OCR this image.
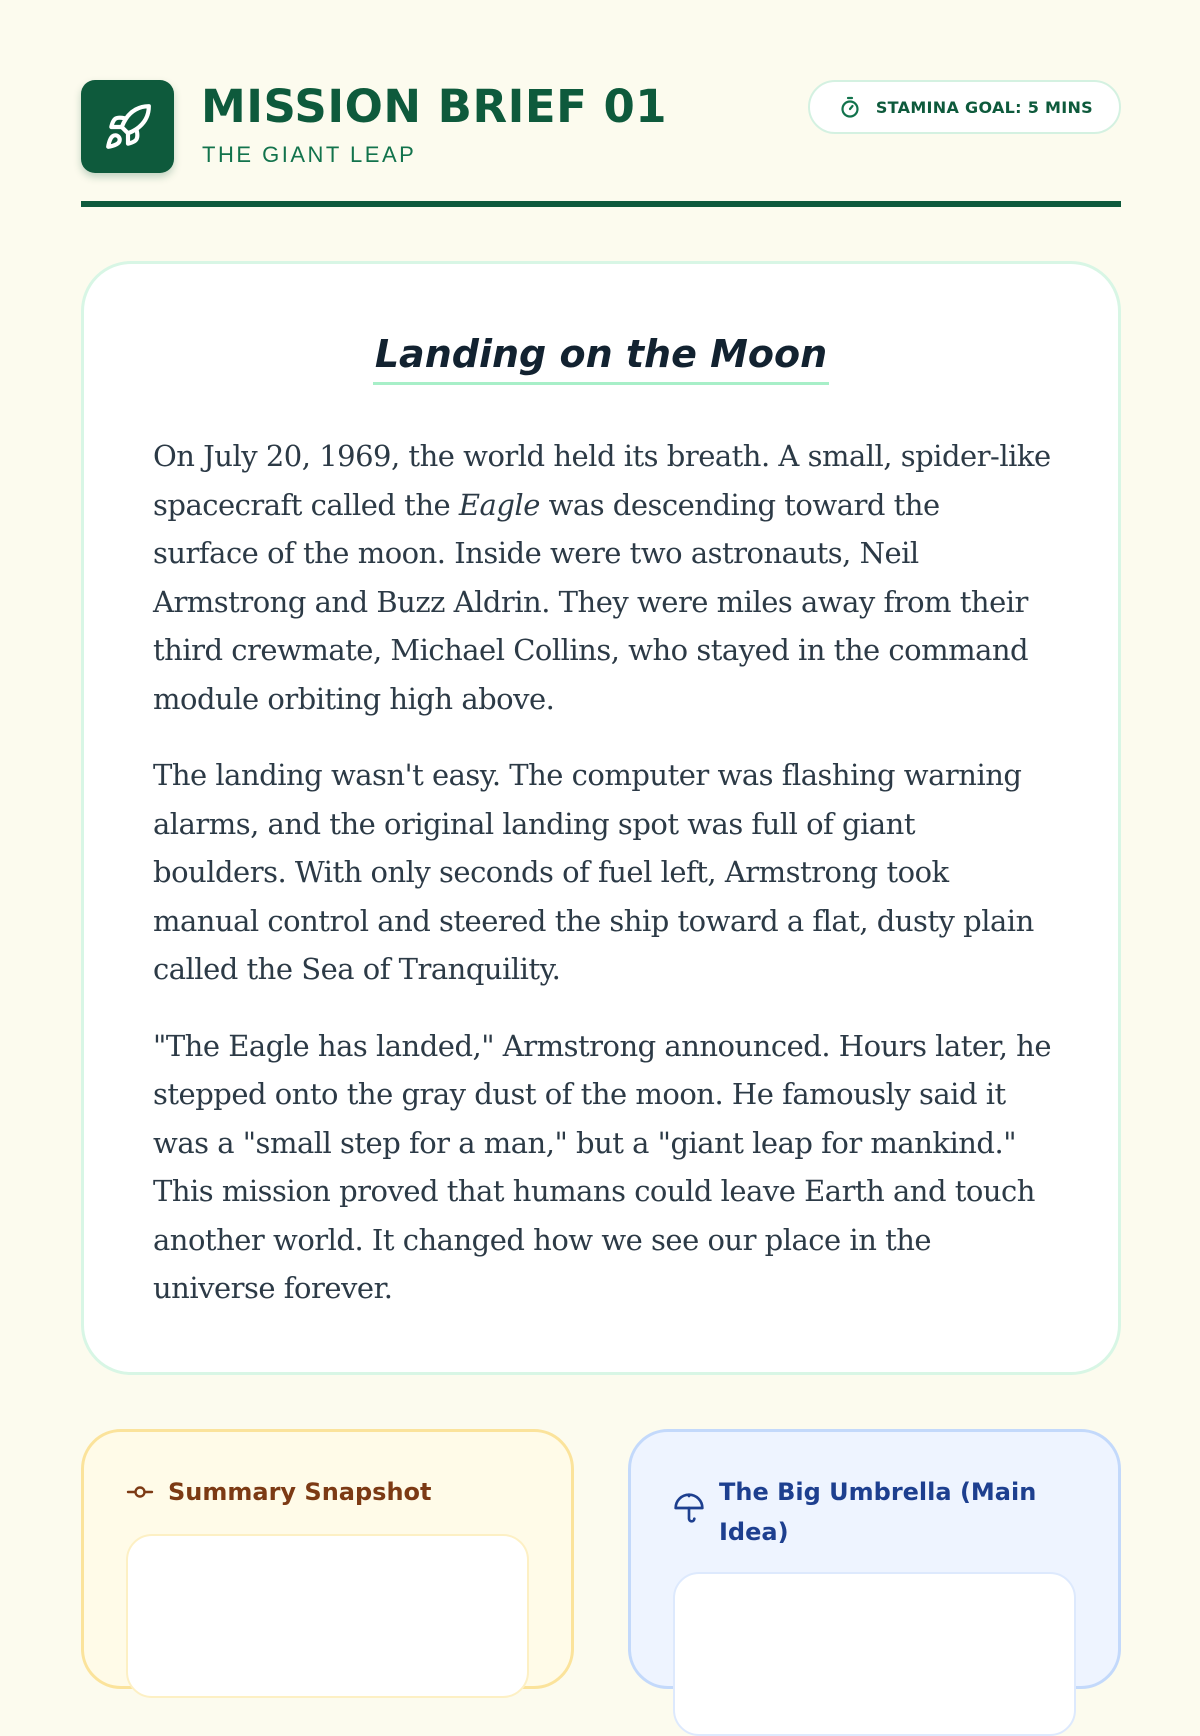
MISSION BRIEF 01

THE GIANT LEAP

STAMINA GOAL: 5 MINS
Landing on the Moon

On July 20, 1969, the world held its breath. A small, spider-like spacecraft called the Eagle was descending toward the surface of the moon. Inside were two astronauts, Neil Armstrong and Buzz Aldrin. They were miles away from their third crewmate, Michael Collins, who stayed in the command module orbiting high above.

The landing wasn't easy. The computer was flashing warning alarms, and the original landing spot was full of giant boulders. With only seconds of fuel left, Armstrong took manual control and steered the ship toward a flat, dusty plain called the Sea of Tranquility.

"The Eagle has landed," Armstrong announced. Hours later, he stepped onto the gray dust of the moon. He famously said it was a "small step for a man," but a "giant leap for mankind." This mission proved that humans could leave Earth and touch another world. It changed how we see our place in the universe forever.

Summary Snapshot	The Big Umbrella (Main Idea)
